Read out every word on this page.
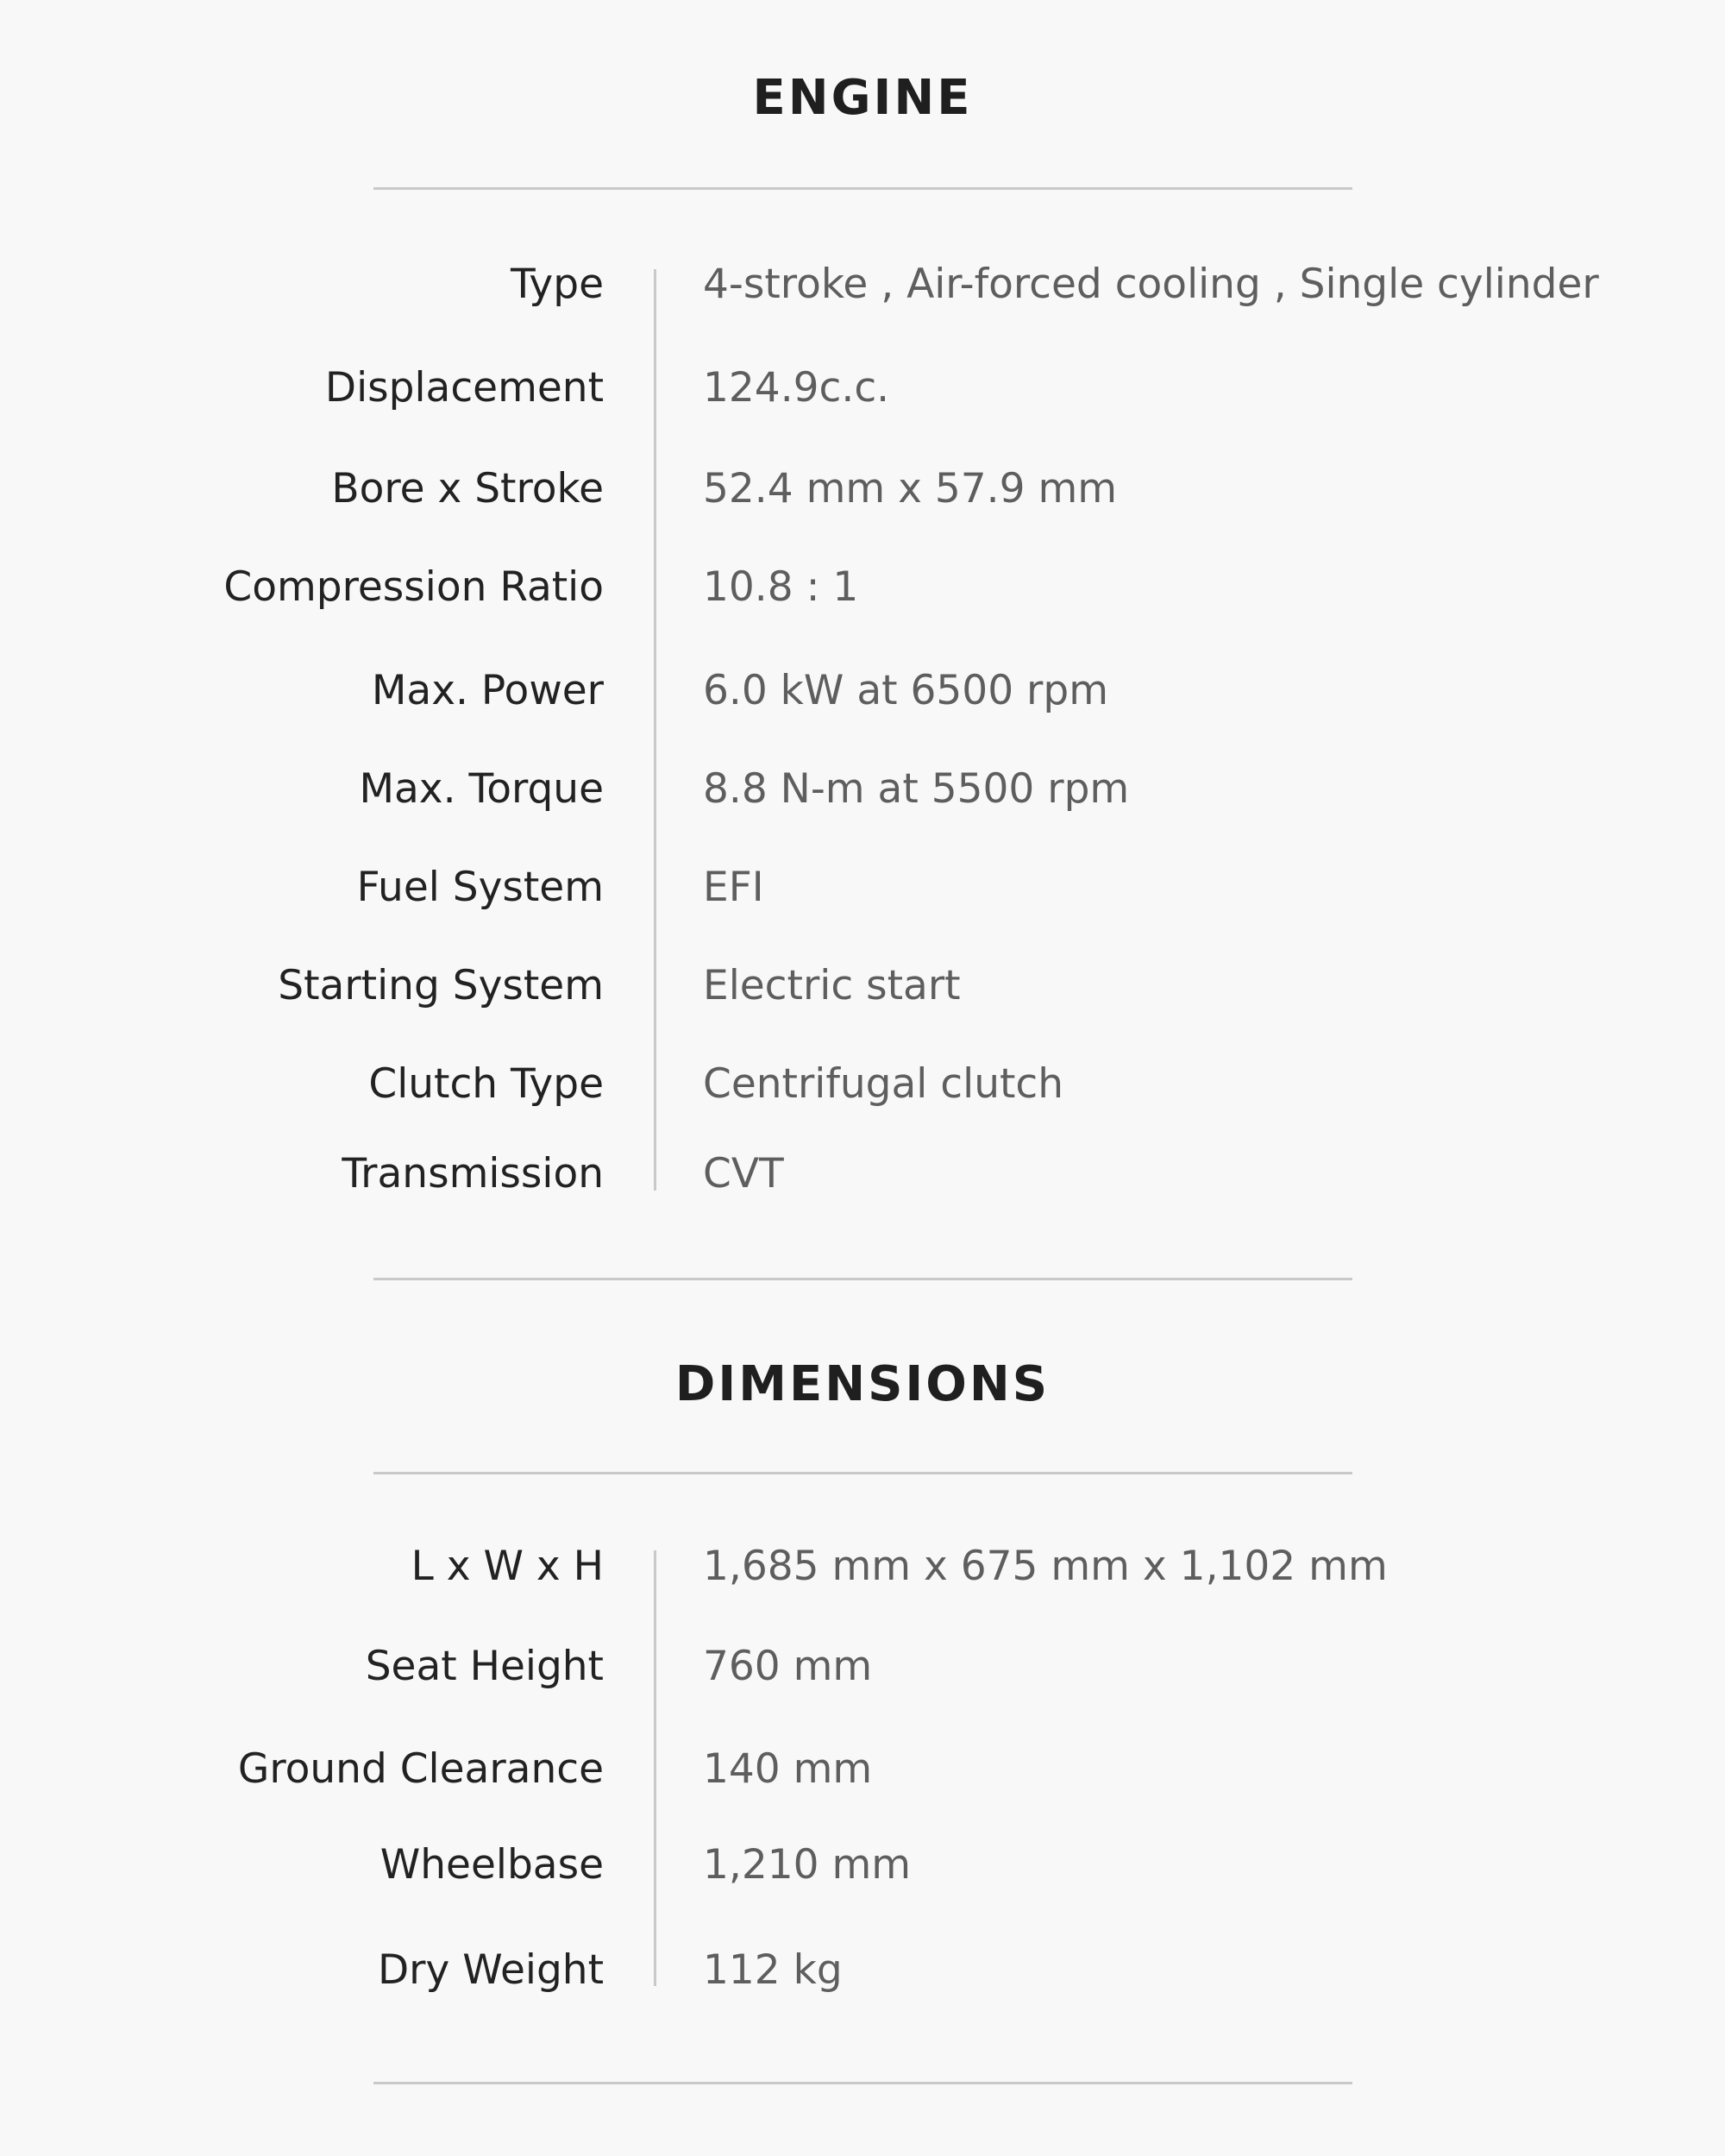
ENGINE
Type 4-stroke , Air-forced cooling , Single cylinder
Displacement 124.9c.c.
Bore x Stroke 52.4 mm x 57.9 mm
Compression Ratio 10.8 : 1
Max. Power 6.0 kW at 6500 rpm
Max. Torque 8.8 N-m at 5500 rpm
Fuel System EFI
Starting System Electric start
Clutch Type Centrifugal clutch
Transmission CVT
DIMENSIONS
L x W x H 1,685 mm x 675 mm x 1,102 mm
Seat Height 760 mm
Ground Clearance 140 mm
Wheelbase 1,210 mm
Dry Weight 112 kg
